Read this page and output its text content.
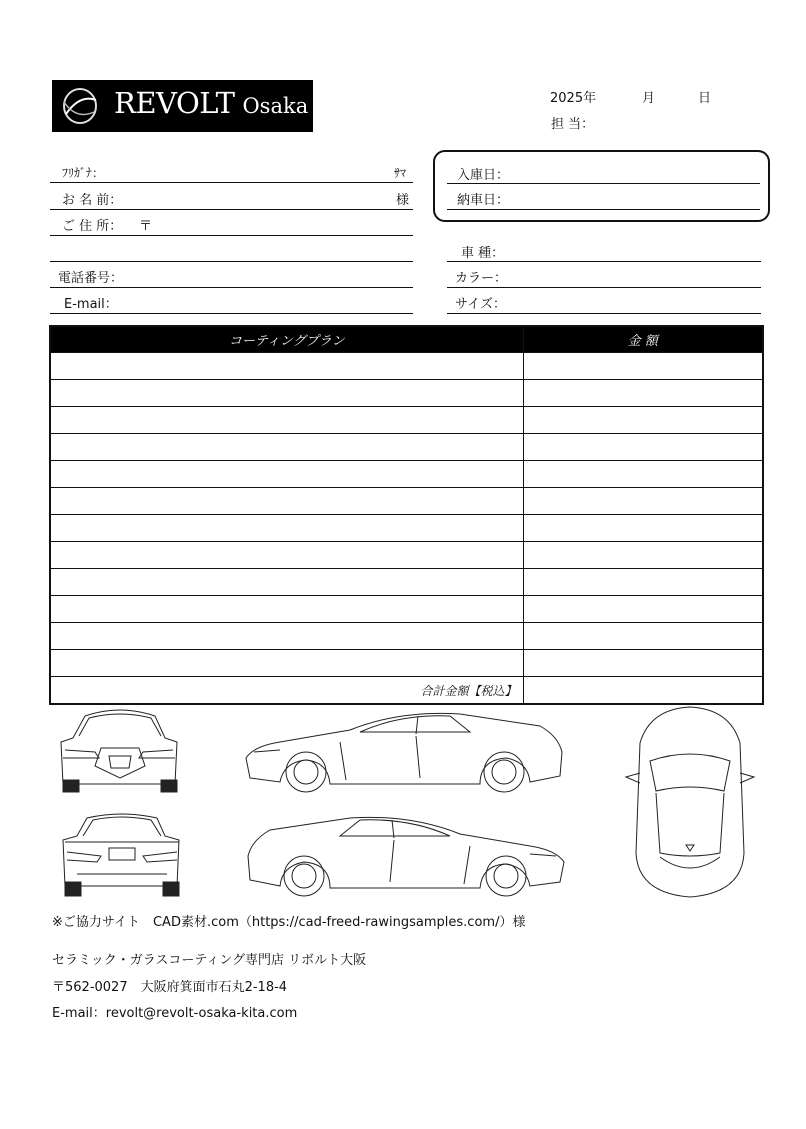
REVOLT Osaka	2025年	月	日
担 当：
ﾌﾘｶﾞﾅ：	ｻﾏ
お 名 前：	様
ご 住 所： 〒
電話番号：
E-mail：
入庫日：
納車日：
車 種：
カラー：
サイズ：
コーティングプラン	金 額

合計金額【税込】	
※ご協力サイト　CAD素材.com（https://cad-freed-rawingsamples.com/）様
セラミック・ガラスコーティング専門店 リボルト大阪
〒562-0027　大阪府箕面市石丸2-18-4
E-mail：revolt@revolt-osaka-kita.com
